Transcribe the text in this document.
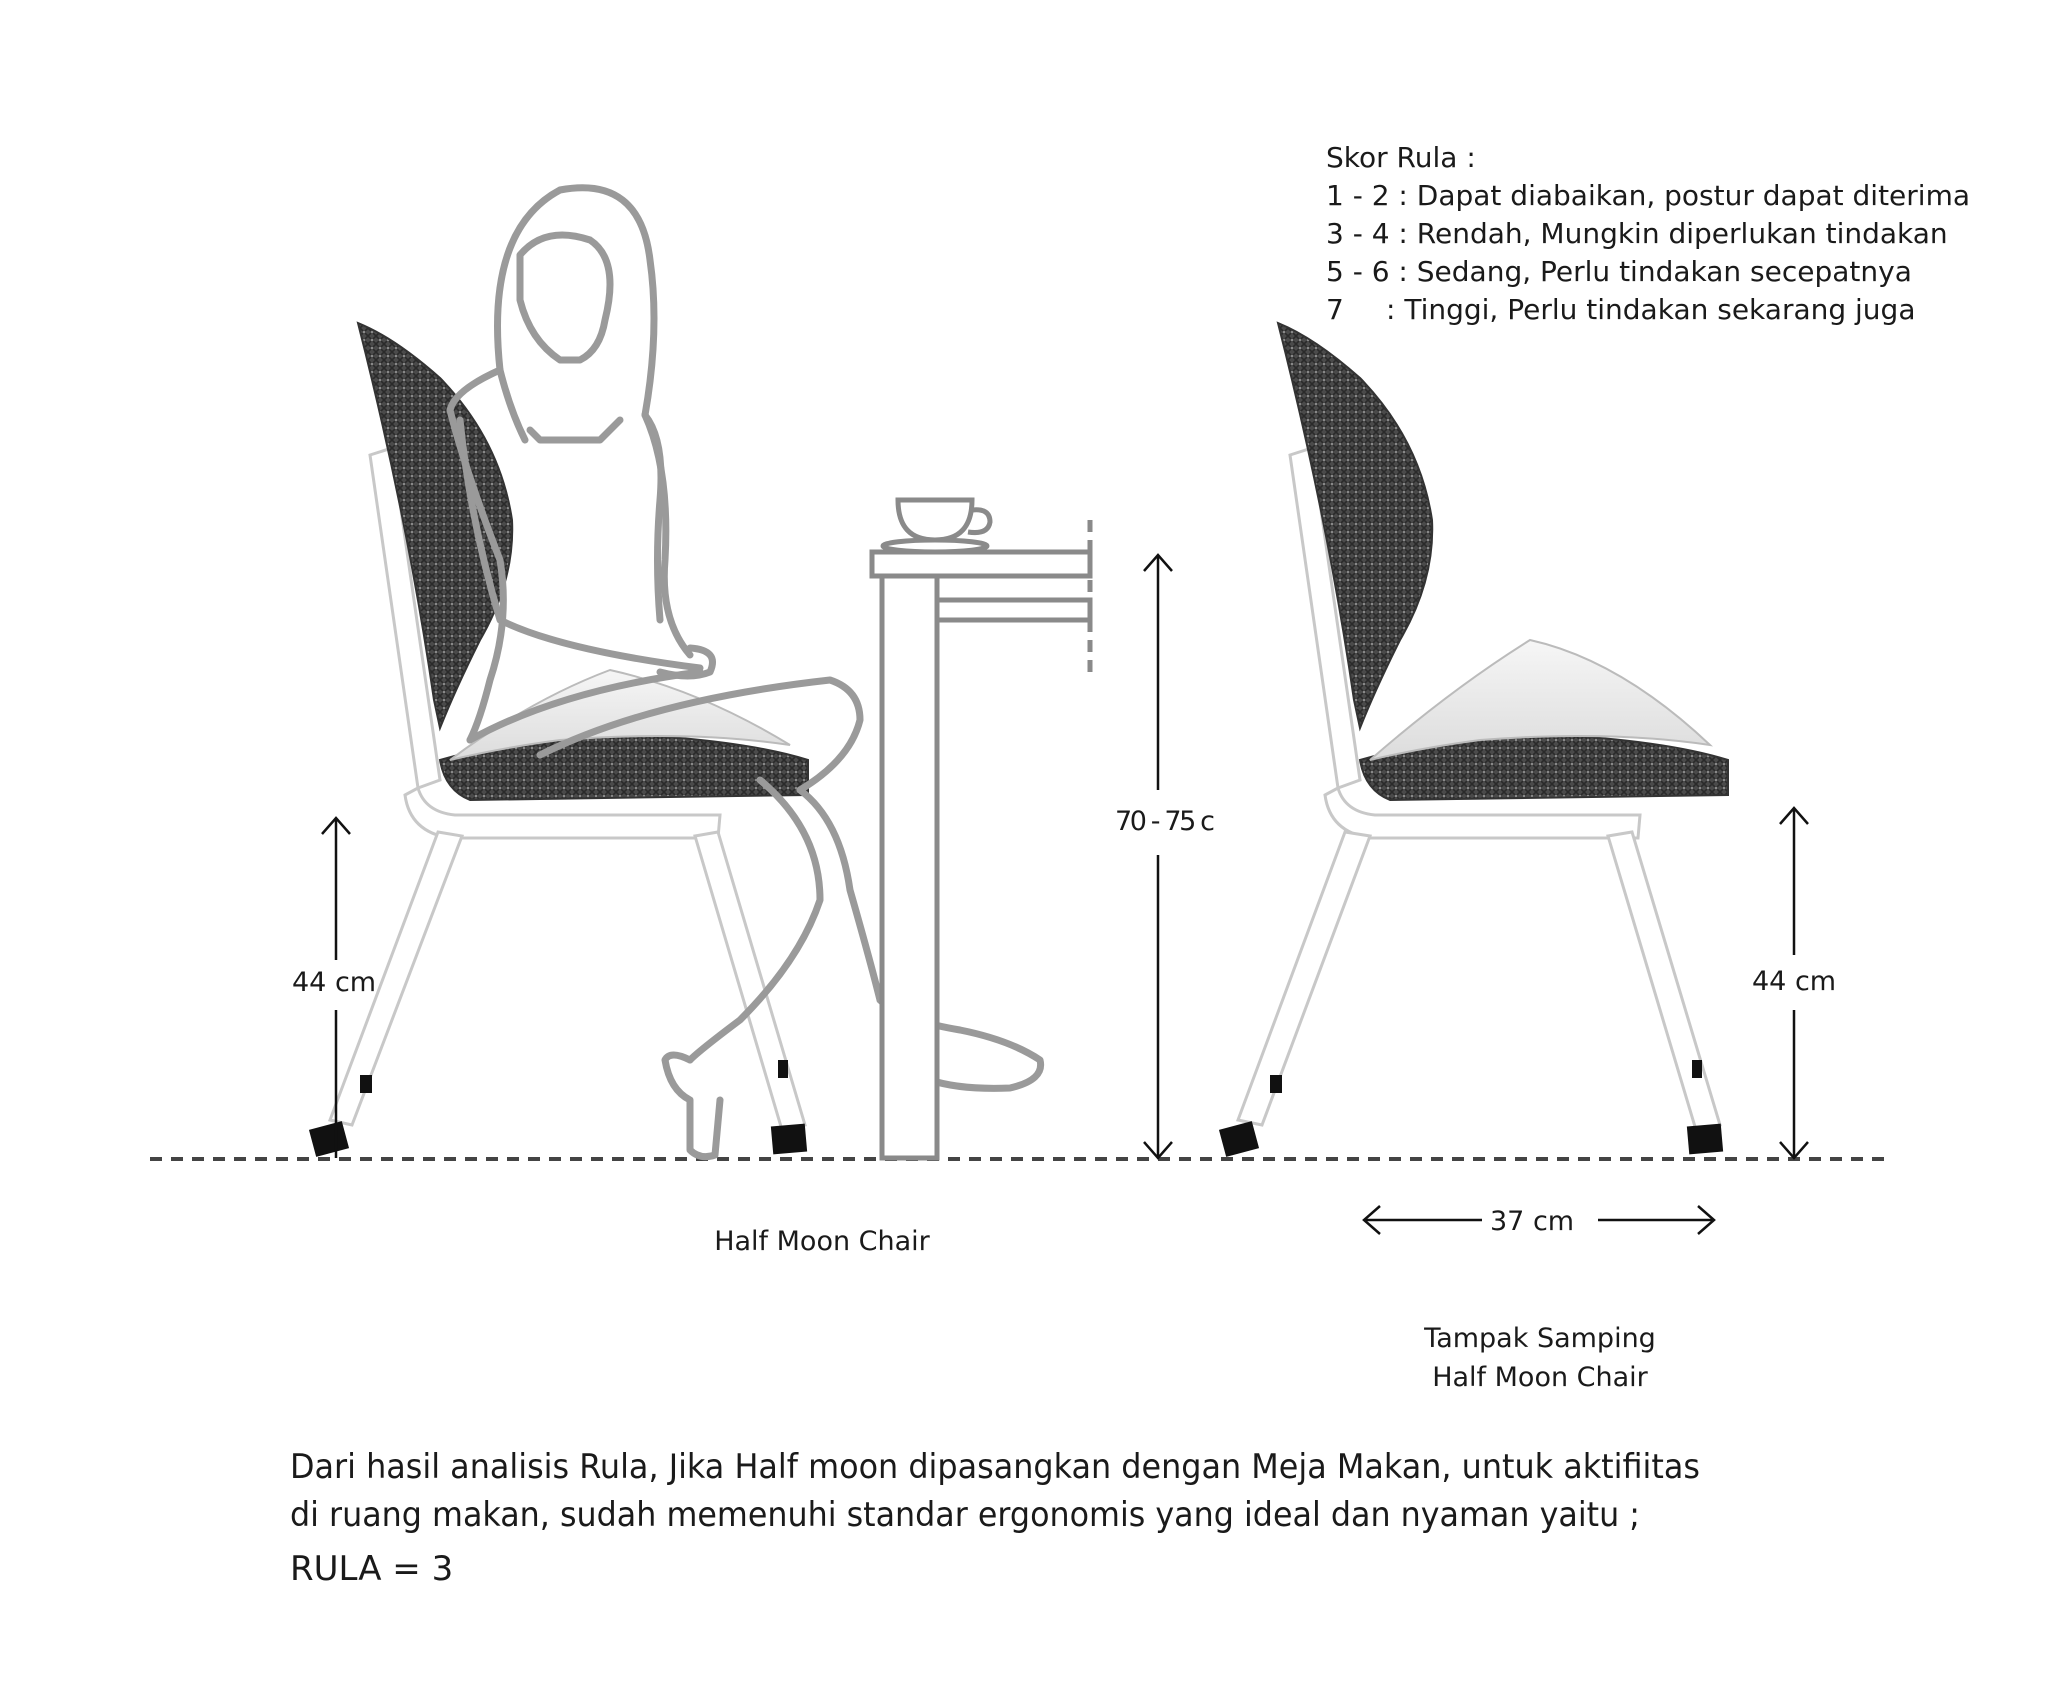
44 cm
70 - 75 c
44 cm
37 cm
Half Moon Chair
Tampak Samping
Half Moon Chair
Skor Rula :
1 - 2 : Dapat diabaikan, postur dapat diterima
3 - 4 : Rendah, Mungkin diperlukan tindakan
5 - 6 : Sedang, Perlu tindakan secepatnya
7 : Tinggi, Perlu tindakan sekarang juga
Dari hasil analisis Rula, Jika Half moon dipasangkan dengan Meja Makan, untuk aktifiitas
di ruang makan, sudah memenuhi standar ergonomis yang ideal dan nyaman yaitu ;
RULA = 3
